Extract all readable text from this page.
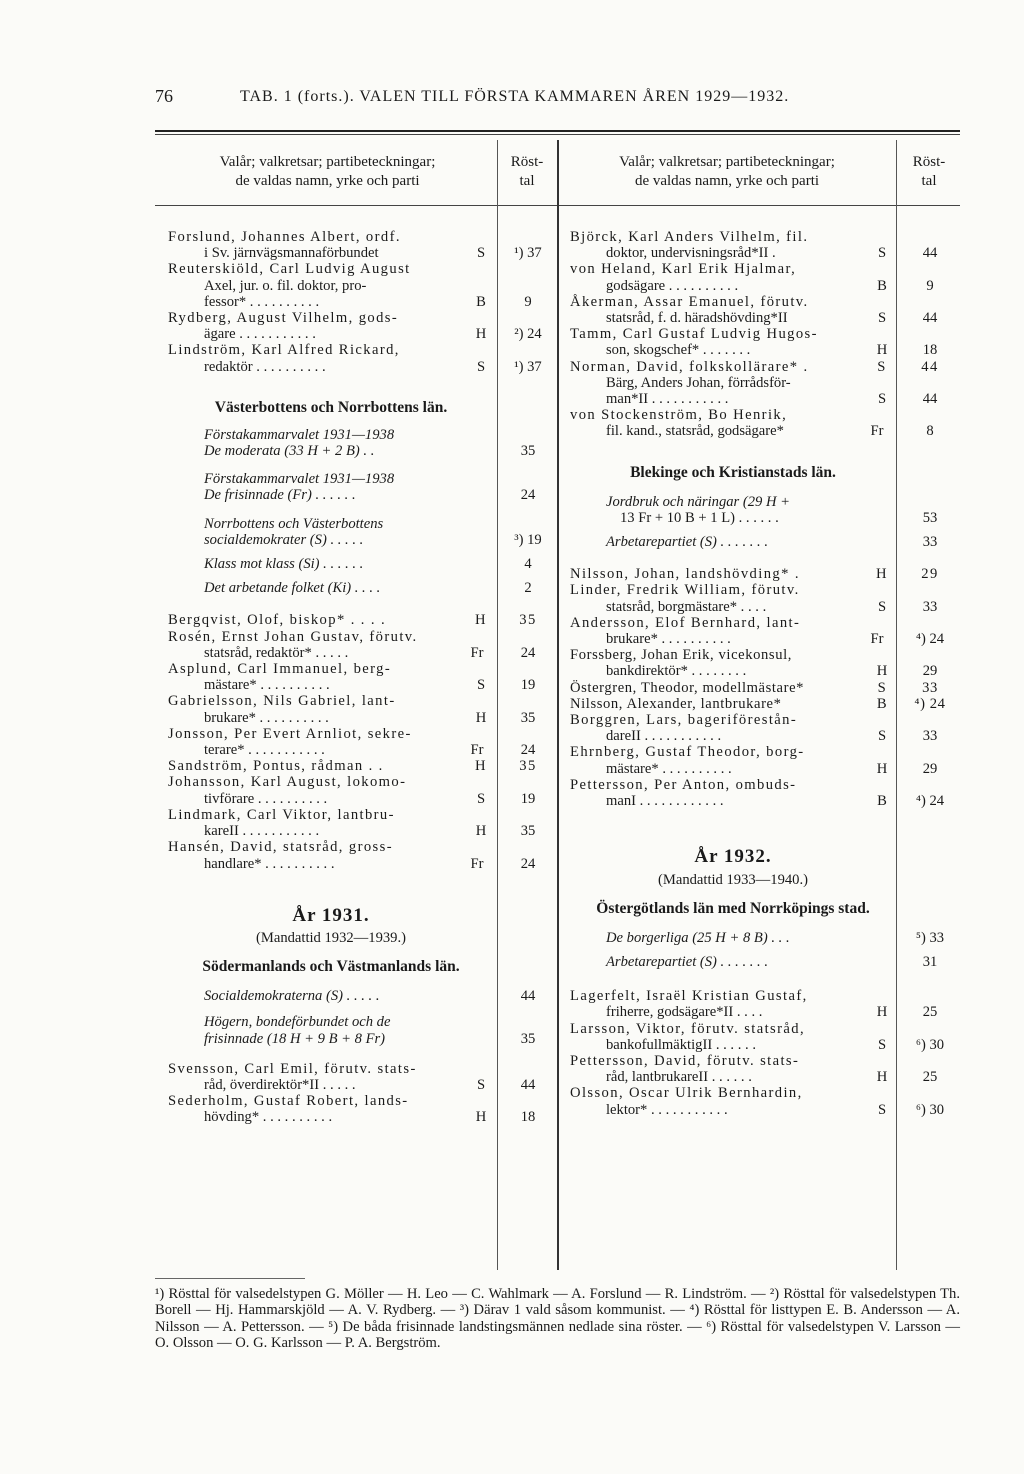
76	TAB. 1 (forts.). VALEN TILL FÖRSTA KAMMAREN ÅREN 1929—1932.
Valår; valkretsar; partibeteckningar;
de valdas namn, yrke och parti
Röst-
tal
Valår; valkretsar; partibeteckningar;
de valdas namn, yrke och parti
Röst-
tal
Forslund, Johannes Albert, ordf.
i Sv. järnvägsmannaförbundet	S	¹) 37
Reuterskiöld, Carl Ludvig August
Axel, jur. o. fil. doktor, pro-
fessor* . . . . . . . . . .	B	9
Rydberg, August Vilhelm, gods-
ägare . . . . . . . . . . .	H	²) 24
Lindström, Karl Alfred Rickard,
redaktör . . . . . . . . . .	S	¹) 37
Västerbottens och Norrbottens län.
Förstakammarvalet 1931—1938
De moderata (33 H + 2 B) . .	35
Förstakammarvalet 1931—1938
De frisinnade (Fr) . . . . . .	24
Norrbottens och Västerbottens
socialdemokrater (S) . . . . .	³) 19
Klass mot klass (Si) . . . . . .	4
Det arbetande folket (Ki) . . . .	2
Bergqvist, Olof, biskop* . . . .	H	35
Rosén, Ernst Johan Gustav, förutv.
statsråd, redaktör* . . . . .	Fr	24
Asplund, Carl Immanuel, berg-
mästare* . . . . . . . . . .	S	19
Gabrielsson, Nils Gabriel, lant-
brukare* . . . . . . . . . .	H	35
Jonsson, Per Evert Arnliot, sekre-
terare* . . . . . . . . . . .	Fr	24
Sandström, Pontus, rådman . .	H	35
Johansson, Karl August, lokomo-
tivförare . . . . . . . . . .	S	19
Lindmark, Carl Viktor, lantbru-
kareII . . . . . . . . . . .	H	35
Hansén, David, statsråd, gross-
handlare* . . . . . . . . . .	Fr	24
År 1931.
(Mandattid 1932—1939.)
Södermanlands och Västmanlands län.
Socialdemokraterna (S) . . . . .	44
Högern, bondeförbundet och de
frisinnade (18 H + 9 B + 8 Fr)	35
Svensson, Carl Emil, förutv. stats-
råd, överdirektör*II . . . . .	S	44
Sederholm, Gustaf Robert, lands-
hövding* . . . . . . . . . .	H	18
Björck, Karl Anders Vilhelm, fil.
doktor, undervisningsråd*II .	S	44
von Heland, Karl Erik Hjalmar,
godsägare . . . . . . . . . .	B	9
Åkerman, Assar Emanuel, förutv.
statsråd, f. d. häradshövding*II	S	44
Tamm, Carl Gustaf Ludvig Hugos-
son, skogschef* . . . . . . .	H	18
Norman, David, folkskollärare* .	S	44
Bärg, Anders Johan, förrådsför-
man*II . . . . . . . . . . .	S	44
von Stockenström, Bo Henrik,
fil. kand., statsråd, godsägare*	Fr	8
Blekinge och Kristianstads län.
Jordbruk och näringar (29 H +
13 Fr + 10 B + 1 L) . . . . . .	53
Arbetarepartiet (S) . . . . . . .	33
Nilsson, Johan, landshövding* .	H	29
Linder, Fredrik William, förutv.
statsråd, borgmästare* . . . .	S	33
Andersson, Elof Bernhard, lant-
brukare* . . . . . . . . . .	Fr	⁴) 24
Forssberg, Johan Erik, vicekonsul,
bankdirektör* . . . . . . . .	H	29
Östergren, Theodor, modellmästare*	S	33
Nilsson, Alexander, lantbrukare*	B	⁴) 24
Borggren, Lars, bageriförestån-
dareII . . . . . . . . . . .	S	33
Ehrnberg, Gustaf Theodor, borg-
mästare* . . . . . . . . . .	H	29
Pettersson, Per Anton, ombuds-
manI . . . . . . . . . . . .	B	⁴) 24
År 1932.
(Mandattid 1933—1940.)
Östergötlands län med Norrköpings stad.
De borgerliga (25 H + 8 B) . . .	⁵) 33
Arbetarepartiet (S) . . . . . . .	31
Lagerfelt, Israël Kristian Gustaf,
friherre, godsägare*II . . . .	H	25
Larsson, Viktor, förutv. statsråd,
bankofullmäktigII . . . . . .	S	⁶) 30
Pettersson, David, förutv. stats-
råd, lantbrukareII . . . . . .	H	25
Olsson, Oscar Ulrik Bernhardin,
lektor* . . . . . . . . . . .	S	⁶) 30
¹) Rösttal för valsedelstypen G. Möller — H. Leo — C. Wahlmark — A. Forslund — R. Lindström. — ²) Rösttal för valsedelstypen Th. Borell — Hj. Hammarskjöld — A. V. Rydberg. — ³) Därav 1 vald såsom kommunist. — ⁴) Rösttal för listtypen E. B. Andersson — A. Nilsson — A. Pettersson. — ⁵) De båda frisinnade landstingsmännen nedlade sina röster. — ⁶) Rösttal för valsedelstypen V. Larsson — O. Olsson — O. G. Karlsson — P. A. Bergström.
